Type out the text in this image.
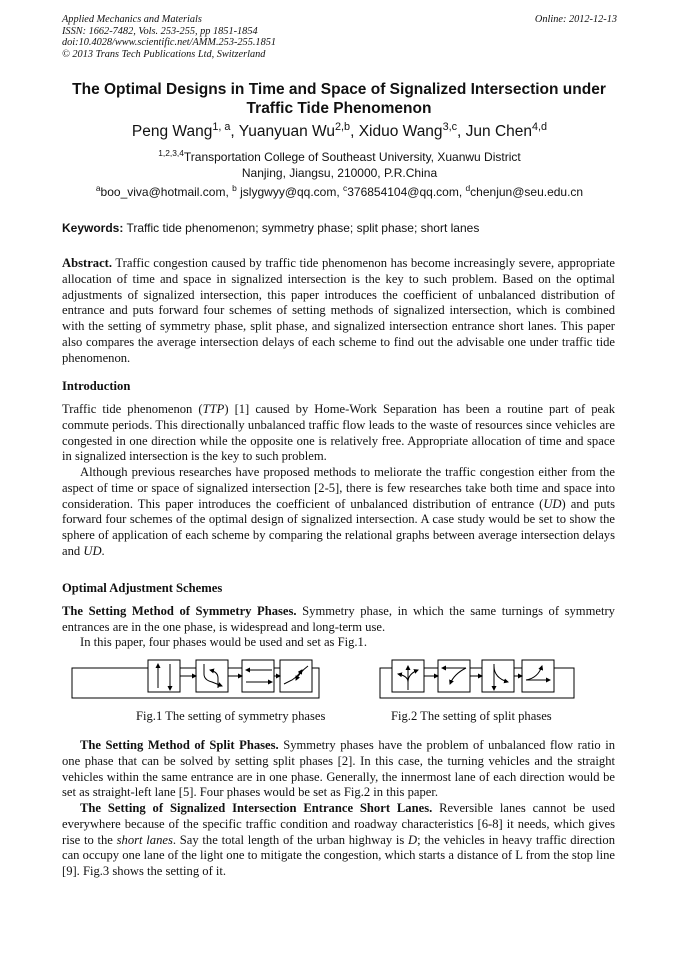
Applied Mechanics and Materials
ISSN: 1662-7482, Vols. 253-255, pp 1851-1854
doi:10.4028/www.scientific.net/AMM.253-255.1851
© 2013 Trans Tech Publications Ltd, Switzerland
Online: 2012-12-13
The Optimal Designs in Time and Space of Signalized Intersection under
Traffic Tide Phenomenon
Peng Wang$^{1, a}$, Yuanyuan Wu$^{2,b}$, Xiduo Wang$^{3,c}$, Jun Chen$^{4,d}$
$^{1,2,3,4}$Transportation College of Southeast University, Xuanwu District
Nanjing, Jiangsu, 210000, P.R.China
$^a$boo_viva@hotmail.com, $^b$ jslygwyy@qq.com, $^c$376854104@qq.com, $^d$chenjun@seu.edu.cn
Keywords: Traffic tide phenomenon; symmetry phase; split phase; short lanes

Abstract. Traffic congestion caused by traffic tide phenomenon has become increasingly severe, appropriate allocation of time and space in signalized intersection is the key to such problem. Based on the optimal adjustments of signalized intersection, this paper introduces the coefficient of unbalanced distribution of entrance and puts forward four schemes of setting methods of signalized intersection, which is combined with the setting of symmetry phase, split phase, and signalized intersection entrance short lanes. This paper also compares the average intersection delays of each scheme to find out the advisable one under traffic tide phenomenon.

Introduction

Traffic tide phenomenon (TTP) [1] caused by Home-Work Separation has been a routine part of peak commute periods. This directionally unbalanced traffic flow leads to the waste of resources since vehicles are congested in one direction while the opposite one is relatively free. Appropriate allocation of time and space in signalized intersection is the key to such problem.

Although previous researches have proposed methods to meliorate the traffic congestion either from the aspect of time or space of signalized intersection [2-5], there is few researches take both time and space into consideration. This paper introduces the coefficient of unbalanced distribution of entrance (UD) and puts forward four schemes of the optimal design of signalized intersection. A case study would be set to show the sphere of application of each scheme by comparing the relational graphs between average intersection delays and UD.

Optimal Adjustment Schemes

The Setting Method of Symmetry Phases. Symmetry phase, in which the same turnings of symmetry entrances are in the one phase, is widespread and long-term use.

In this paper, four phases would be used and set as Fig.1.

Fig.1 The setting of symmetry phases	Fig.2 The setting of split phases

The Setting Method of Split Phases. Symmetry phases have the problem of unbalanced flow ratio in one phase that can be solved by setting split phases [2]. In this case, the turning vehicles and the straight vehicles within the same entrance are in one phase. Generally, the innermost lane of each direction would be set as straight-left lane [5]. Four phases would be set as Fig.2 in this paper.

The Setting of Signalized Intersection Entrance Short Lanes. Reversible lanes cannot be used everywhere because of the specific traffic condition and roadway characteristics [6-8] it needs, which gives rise to the short lanes. Say the total length of the urban highway is D; the vehicles in heavy traffic direction can occupy one lane of the light one to mitigate the congestion, which starts a distance of L from the stop line [9]. Fig.3 shows the setting of it.
